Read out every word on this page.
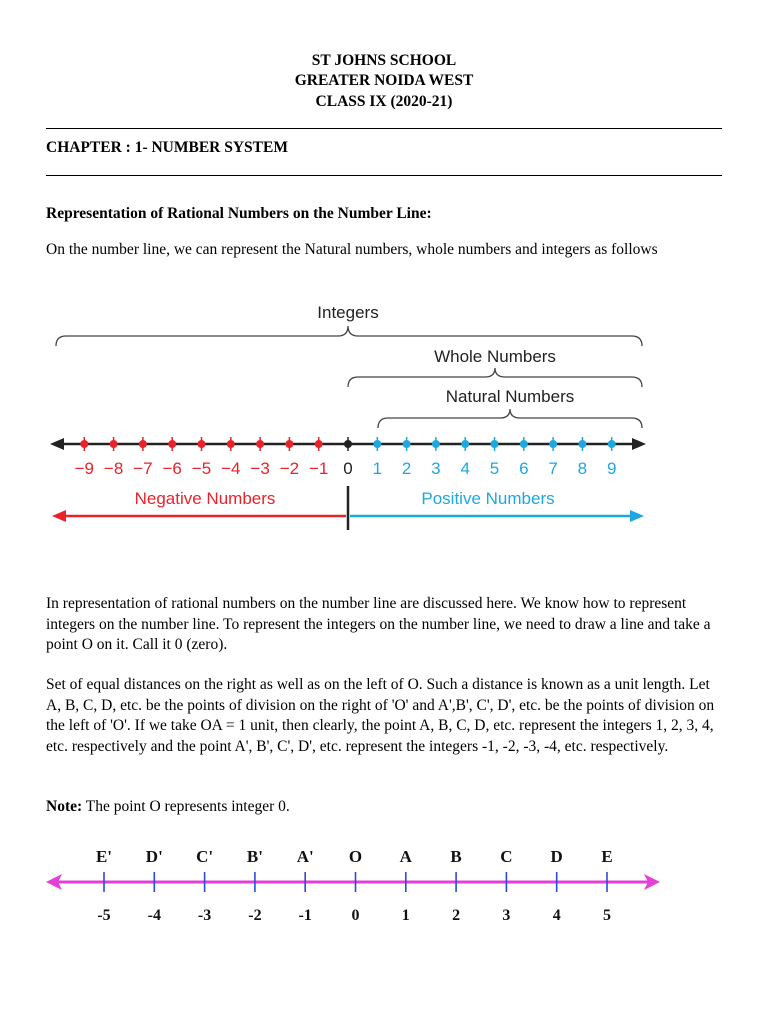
ST JOHNS SCHOOL
GREATER NOIDA WEST
CLASS IX (2020-21)
CHAPTER : 1- NUMBER SYSTEM
Representation of Rational Numbers on the Number Line:
On the number line, we can represent the Natural numbers, whole numbers and integers as follows
Integers
Whole Numbers
Natural Numbers
−9 −8 −7 −6 −5 −4 −3 −2 −1 0 1 2 3 4 5 6 7 8 9
Negative Numbers	Positive Numbers
In representation of rational numbers on the number line are discussed here. We know how to represent integers on the number line. To represent the integers on the number line, we need to draw a line and take a point O on it. Call it 0 (zero).
Set of equal distances on the right as well as on the left of O. Such a distance is known as a unit length. Let A, B, C, D, etc. be the points of division on the right of 'O' and A',B', C', D', etc. be the points of division on the left of 'O'. If we take OA = 1 unit, then clearly, the point A, B, C, D, etc. represent the integers 1, 2, 3, 4, etc. respectively and the point A', B', C', D', etc. represent the integers -1, -2, -3, -4, etc. respectively.
Note: The point O represents integer 0.
E' D' C' B' A' O A B C D E
-5 -4 -3 -2 -1 0	1	2	3	4	5
